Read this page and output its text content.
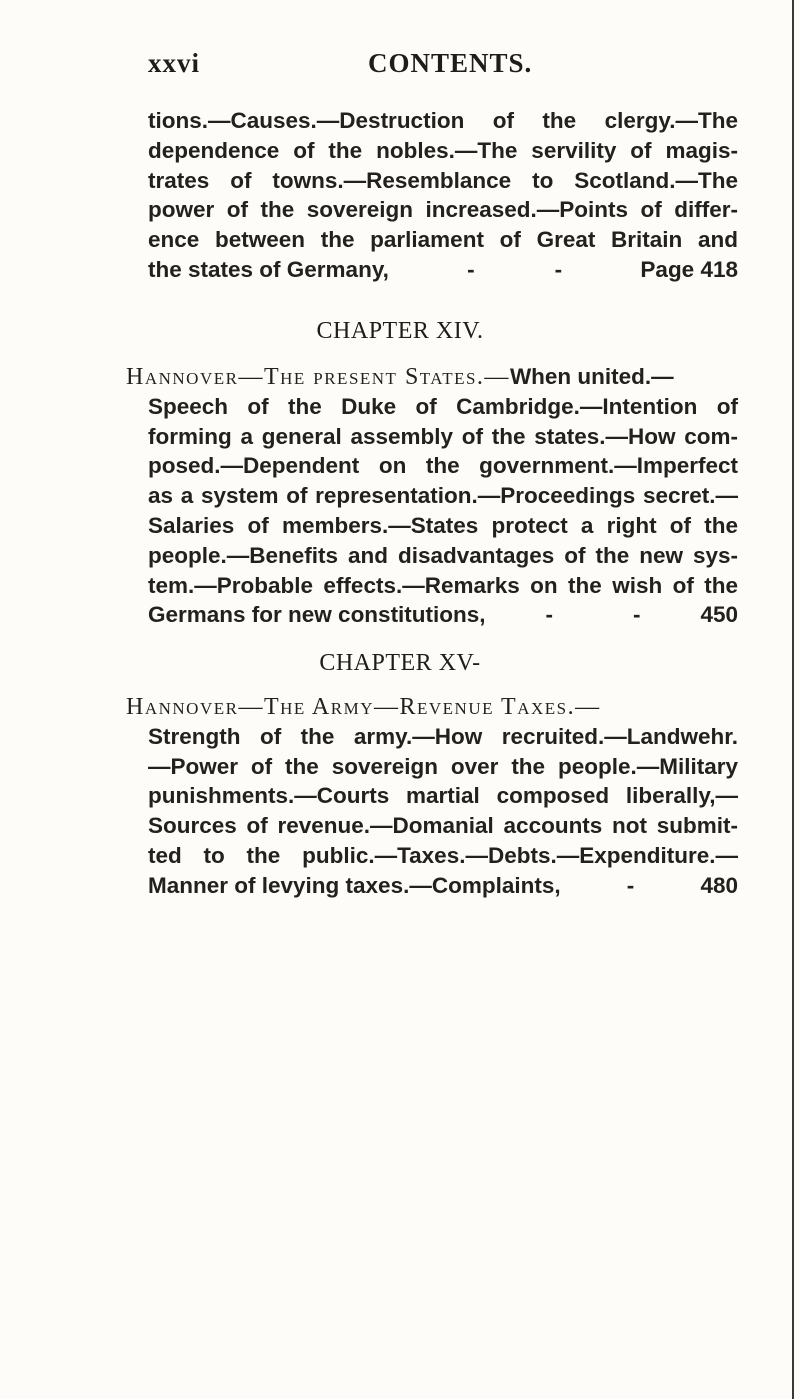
xxvi	CONTENTS.
tions.—Causes.—Destruction of the clergy.—The
dependence of the nobles.—The servility of magis-
trates of towns.—Resemblance to Scotland.—The
power of the sovereign increased.—Points of differ-
ence between the parliament of Great Britain and
the states of Germany,	-	-	Page 418
CHAPTER XIV.
Hannover—The present States.—When united.—
Speech of the Duke of Cambridge.—Intention of
forming a general assembly of the states.—How com-
posed.—Dependent on the government.—Imperfect
as a system of representation.—Proceedings secret.—
Salaries of members.—States protect a right of the
people.—Benefits and disadvantages of the new sys-
tem.—Probable effects.—Remarks on the wish of the
Germans for new constitutions,	-	-	450
CHAPTER XV-
Hannover—The Army—Revenue Taxes.—
Strength of the army.—How recruited.—Landwehr.
—Power of the sovereign over the people.—Military
punishments.—Courts martial composed liberally,—
Sources of revenue.—Domanial accounts not submit-
ted to the public.—Taxes.—Debts.—Expenditure.—
Manner of levying taxes.—Complaints,	-	480
